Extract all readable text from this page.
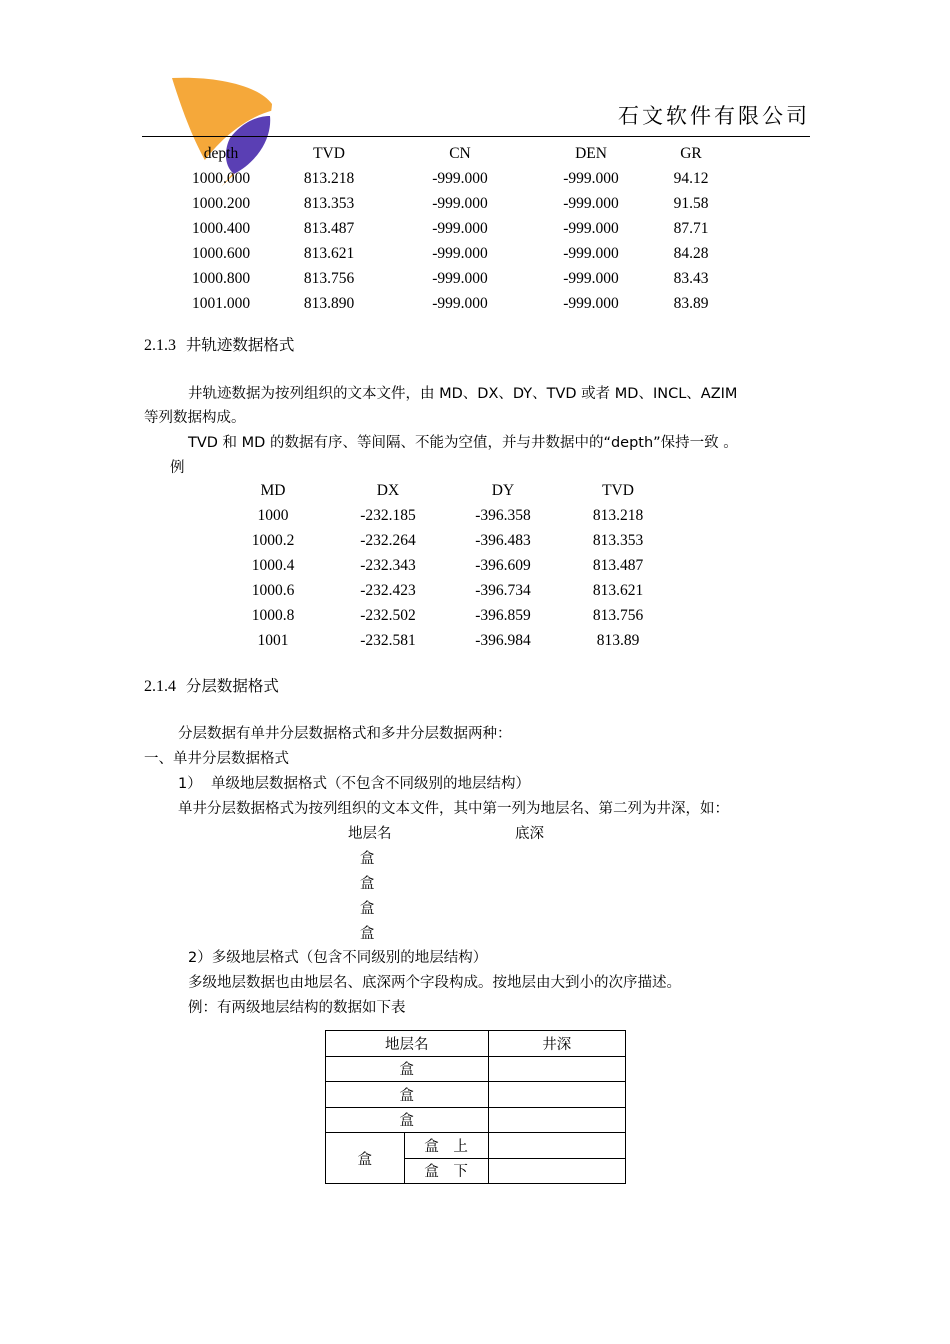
石文软件有限公司
depth	TVD	CN	DEN	GR
1000.000	813.218	-999.000	-999.000	94.12
1000.200	813.353	-999.000	-999.000	91.58
1000.400	813.487	-999.000	-999.000	87.71
1000.600	813.621	-999.000	-999.000	84.28
1000.800	813.756	-999.000	-999.000	83.43
1001.000	813.890	-999.000	-999.000	83.89
2.1.3 井轨迹数据格式
井轨迹数据为按列组织的文本文件，由 MD、DX、DY、TVD 或者 MD、INCL、AZIM
等列数据构成。
TVD 和 MD 的数据有序、等间隔、不能为空值，并与井数据中的“depth”保持一致 。
例
MD	DX	DY	TVD
1000	-232.185	-396.358	813.218
1000.2	-232.264	-396.483	813.353
1000.4	-232.343	-396.609	813.487
1000.6	-232.423	-396.734	813.621
1000.8	-232.502	-396.859	813.756
1001	-232.581	-396.984	813.89
2.1.4 分层数据格式
分层数据有单井分层数据格式和多井分层数据两种：
一、单井分层数据格式
1）  单级地层数据格式（不包含不同级别的地层结构）
单井分层数据格式为按列组织的文本文件，其中第一列为地层名、第二列为井深，如：
地层名	底深
盒
盒
盒
盒
2）多级地层格式（包含不同级别的地层结构）
多级地层数据也由地层名、底深两个字段构成。按地层由大到小的次序描述。
例：有两级地层结构的数据如下表
地层名		井深
盒		
盒		
盒		
盒	盒　上	
	盒　下	
